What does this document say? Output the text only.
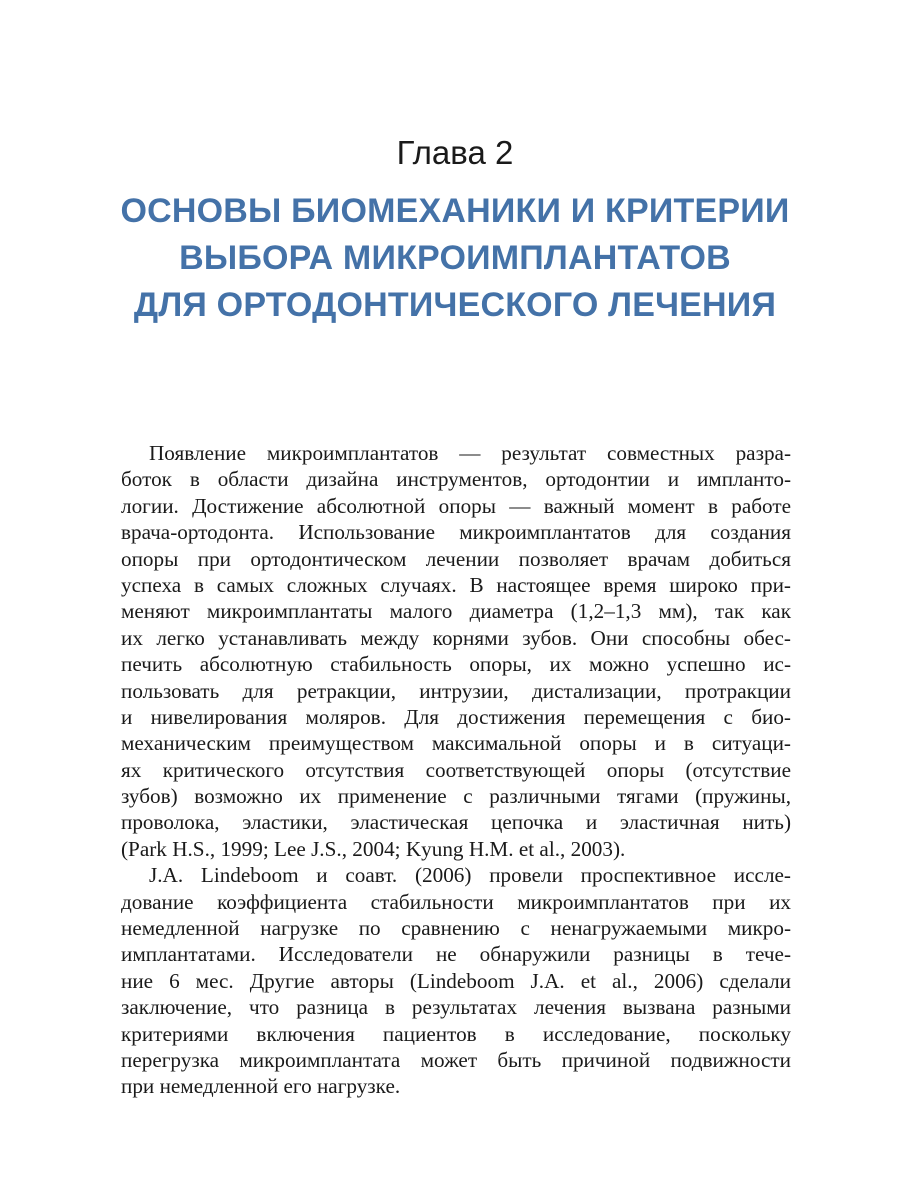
Глава 2
ОСНОВЫ БИОМЕХАНИКИ И КРИТЕРИИ
ВЫБОРА МИКРОИМПЛАНТАТОВ
ДЛЯ ОРТОДОНТИЧЕСКОГО ЛЕЧЕНИЯ
Появление микроимплантатов — результат совместных разра-
боток в области дизайна инструментов, ортодонтии и импланто-
логии. Достижение абсолютной опоры — важный момент в работе
врача-ортодонта. Использование микроимплантатов для создания
опоры при ортодонтическом лечении позволяет врачам добиться
успеха в самых сложных случаях. В настоящее время широко при-
меняют микроимплантаты малого диаметра (1,2–1,3 мм), так как
их легко устанавливать между корнями зубов. Они способны обес-
печить абсолютную стабильность опоры, их можно успешно ис-
пользовать для ретракции, интрузии, дистализации, протракции
и нивелирования моляров. Для достижения перемещения с био-
механическим преимуществом максимальной опоры и в ситуаци-
ях критического отсутствия соответствующей опоры (отсутствие
зубов) возможно их применение с различными тягами (пружины,
проволока, эластики, эластическая цепочка и эластичная нить)
(Park H.S., 1999; Lee J.S., 2004; Kyung H.M. et al., 2003).
J.A. Lindeboom и соавт. (2006) провели проспективное иссле-
дование коэффициента стабильности микроимплантатов при их
немедленной нагрузке по сравнению с ненагружаемыми микро-
имплантатами. Исследователи не обнаружили разницы в тече-
ние 6 мес. Другие авторы (Lindeboom J.A. et al., 2006) сделали
заключение, что разница в результатах лечения вызвана разными
критериями включения пациентов в исследование, поскольку
перегрузка микроимплантата может быть причиной подвижности
при немедленной его нагрузке.
